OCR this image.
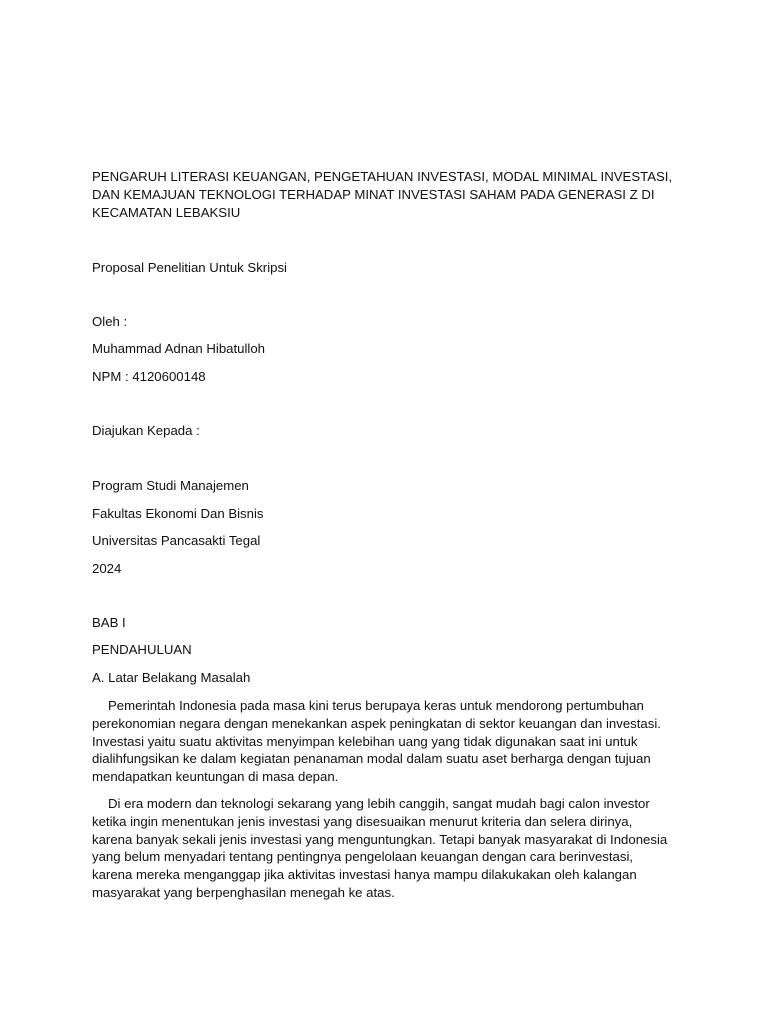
PENGARUH LITERASI KEUANGAN, PENGETAHUAN INVESTASI, MODAL MINIMAL INVESTASI, DAN KEMAJUAN TEKNOLOGI TERHADAP MINAT INVESTASI SAHAM PADA GENERASI Z DI KECAMATAN LEBAKSIU

Proposal Penelitian Untuk Skripsi

Oleh :

Muhammad Adnan Hibatulloh

NPM : 4120600148

Diajukan Kepada :

Program Studi Manajemen

Fakultas Ekonomi Dan Bisnis

Universitas Pancasakti Tegal

2024

BAB I

PENDAHULUAN

A. Latar Belakang Masalah

Pemerintah Indonesia pada masa kini terus berupaya keras untuk mendorong pertumbuhan perekonomian negara dengan menekankan aspek peningkatan di sektor keuangan dan investasi. Investasi yaitu suatu aktivitas menyimpan kelebihan uang yang tidak digunakan saat ini untuk dialihfungsikan ke dalam kegiatan penanaman modal dalam suatu aset berharga dengan tujuan mendapatkan keuntungan di masa depan.

Di era modern dan teknologi sekarang yang lebih canggih, sangat mudah bagi calon investor ketika ingin menentukan jenis investasi yang disesuaikan menurut kriteria dan selera dirinya, karena banyak sekali jenis investasi yang menguntungkan. Tetapi banyak masyarakat di Indonesia yang belum menyadari tentang pentingnya pengelolaan keuangan dengan cara berinvestasi, karena mereka menganggap jika aktivitas investasi hanya mampu dilakukakan oleh kalangan masyarakat yang berpenghasilan menegah ke atas.
